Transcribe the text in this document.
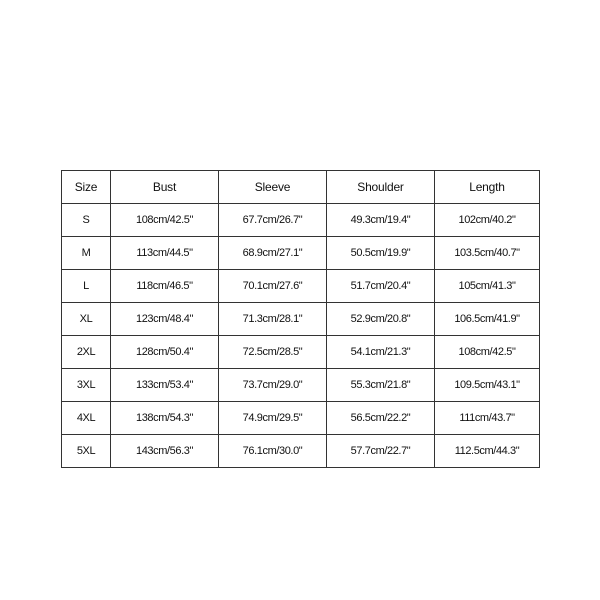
Size	Bust	Sleeve	Shoulder	Length
S	108cm/42.5"	67.7cm/26.7"	49.3cm/19.4"	102cm/40.2"
M	113cm/44.5"	68.9cm/27.1"	50.5cm/19.9"	103.5cm/40.7"
L	118cm/46.5"	70.1cm/27.6"	51.7cm/20.4"	105cm/41.3"
XL	123cm/48.4"	71.3cm/28.1"	52.9cm/20.8"	106.5cm/41.9"
2XL	128cm/50.4"	72.5cm/28.5"	54.1cm/21.3"	108cm/42.5"
3XL	133cm/53.4"	73.7cm/29.0"	55.3cm/21.8"	109.5cm/43.1"
4XL	138cm/54.3"	74.9cm/29.5"	56.5cm/22.2"	111cm/43.7"
5XL	143cm/56.3"	76.1cm/30.0"	57.7cm/22.7"	112.5cm/44.3"
